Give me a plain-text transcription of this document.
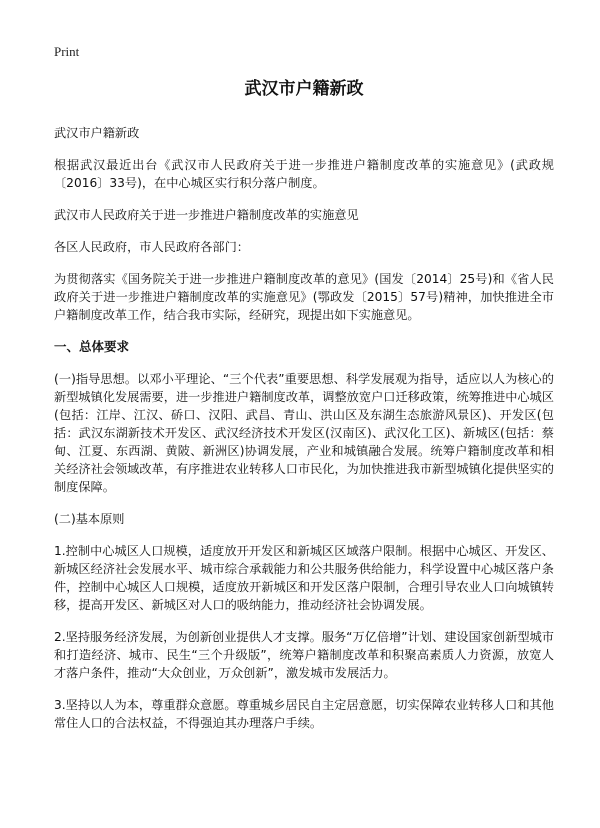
Print
武汉市户籍新政

武汉市户籍新政

根据武汉最近出台《武汉市人民政府关于进一步推进户籍制度改革的实施意见》(武政规〔2016〕33号)，在中心城区实行积分落户制度。

武汉市人民政府关于进一步推进户籍制度改革的实施意见

各区人民政府，市人民政府各部门：

为贯彻落实《国务院关于进一步推进户籍制度改革的意见》(国发〔2014〕25号)和《省人民政府关于进一步推进户籍制度改革的实施意见》(鄂政发〔2015〕57号)精神，加快推进全市户籍制度改革工作，结合我市实际，经研究，现提出如下实施意见。

一、总体要求

(一)指导思想。以邓小平理论、“三个代表”重要思想、科学发展观为指导，适应以人为核心的新型城镇化发展需要，进一步推进户籍制度改革，调整放宽户口迁移政策，统筹推进中心城区(包括：江岸、江汉、硚口、汉阳、武昌、青山、洪山区及东湖生态旅游风景区)、开发区(包括：武汉东湖新技术开发区、武汉经济技术开发区(汉南区)、武汉化工区)、新城区(包括：蔡甸、江夏、东西湖、黄陂、新洲区)协调发展，产业和城镇融合发展。统筹户籍制度改革和相关经济社会领域改革，有序推进农业转移人口市民化，为加快推进我市新型城镇化提供坚实的制度保障。

(二)基本原则

1.控制中心城区人口规模，适度放开开发区和新城区区域落户限制。根据中心城区、开发区、新城区经济社会发展水平、城市综合承载能力和公共服务供给能力，科学设置中心城区落户条件，控制中心城区人口规模，适度放开新城区和开发区落户限制，合理引导农业人口向城镇转移，提高开发区、新城区对人口的吸纳能力，推动经济社会协调发展。

2.坚持服务经济发展，为创新创业提供人才支撑。服务“万亿倍增”计划、建设国家创新型城市和打造经济、城市、民生“三个升级版”，统筹户籍制度改革和积聚高素质人力资源，放宽人才落户条件，推动“大众创业，万众创新”，激发城市发展活力。

3.坚持以人为本，尊重群众意愿。尊重城乡居民自主定居意愿，切实保障农业转移人口和其他常住人口的合法权益，不得强迫其办理落户手续。
